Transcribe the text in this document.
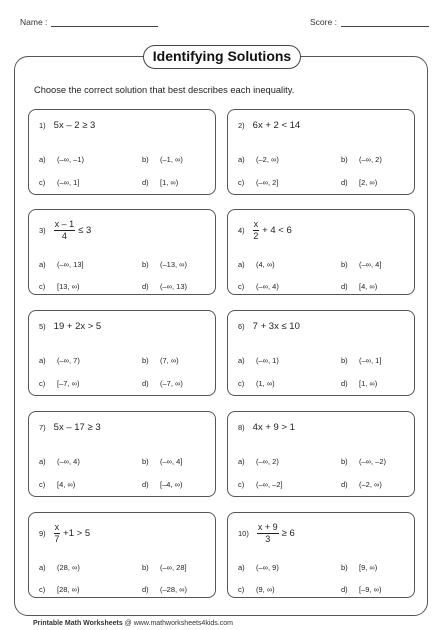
Name :	Score :
Identifying Solutions
Choose the correct solution that best describes each inequality.
1) 5x – 2 ≥ 3
a) (–∞, –1)	b) (–1, ∞)
c) (–∞, 1]	d) [1, ∞)
2) 6x + 2 < 14
a) (–2, ∞)	b) (–∞, 2)
c) (–∞, 2]	d) [2, ∞)
$3) \frac{x - 1}{4} \le 3$
a) (–∞, 13]	b) (–13, ∞)
c) [13, ∞)	d) (–∞, 13)
$4) \frac{x}{2} + 4 < 6$
a) (4, ∞)	b) (–∞, 4]
c) (–∞, 4)	d) [4, ∞)
5) 19 + 2x > 5
a) (–∞, 7)	b) (7, ∞)
c) [–7, ∞)	d) (–7, ∞)
6) 7 + 3x ≤ 10
a) (–∞, 1)	b) (–∞, 1]
c) (1, ∞)	d) [1, ∞)
7) 5x – 17 ≥ 3
a) (–∞, 4)	b) (–∞, 4]
c) [4, ∞)	d) [–4, ∞)
8) 4x + 9 > 1
a) (–∞, 2)	b) (–∞, –2)
c) (–∞, –2]	d) (–2, ∞)
$9) \frac{x}{7} +1 > 5$
a) (28, ∞)	b) (–∞, 28]
c) [28, ∞)	d) (–28, ∞)
$10) \frac{x + 9}{3} \ge 6$
a) (–∞, 9)	b) [9, ∞)
c) (9, ∞)	d) [–9, ∞)
Printable Math Worksheets @ www.mathworksheets4kids.com
